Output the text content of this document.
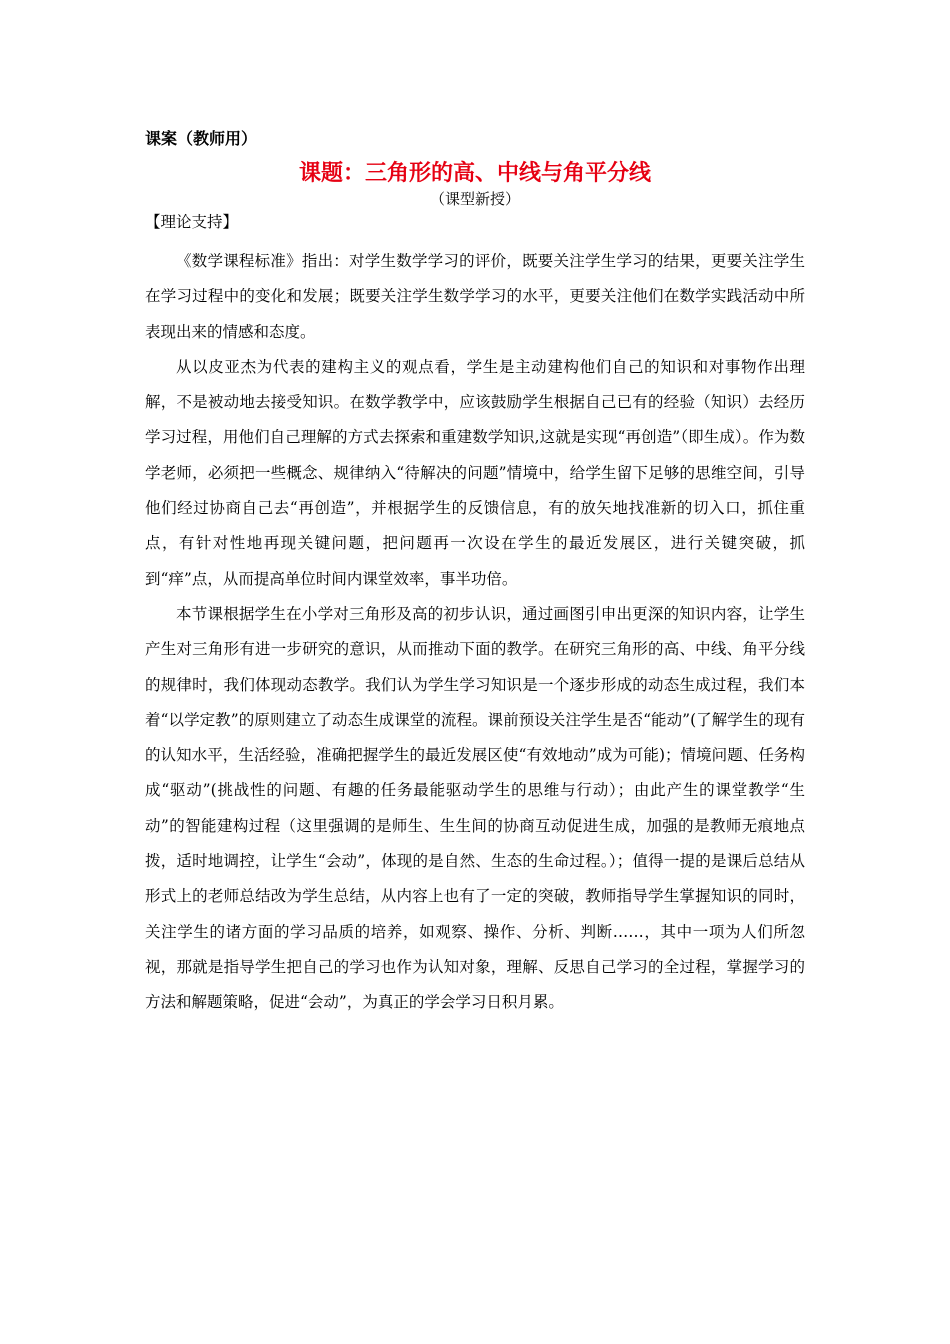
课案（教师用）
课题：三角形的高、中线与角平分线
（课型新授）
【理论支持】

《数学课程标准》指出：对学生数学学习的评价，既要关注学生学习的结果，更要关注学生在学习过程中的变化和发展；既要关注学生数学学习的水平，更要关注他们在数学实践活动中所表现出来的情感和态度。

从以皮亚杰为代表的建构主义的观点看，学生是主动建构他们自己的知识和对事物作出理解，不是被动地去接受知识。在数学教学中，应该鼓励学生根据自己已有的经验（知识）去经历学习过程，用他们自己理解的方式去探索和重建数学知识,这就是实现“再创造”（即生成）。作为数学老师，必须把一些概念、规律纳入“待解决的问题”情境中，给学生留下足够的思维空间，引导他们经过协商自己去“再创造”，并根据学生的反馈信息，有的放矢地找准新的切入口，抓住重点，有针对性地再现关键问题，把问题再一次设在学生的最近发展区，进行关键突破，抓到“痒”点，从而提高单位时间内课堂效率，事半功倍。

本节课根据学生在小学对三角形及高的初步认识，通过画图引申出更深的知识内容，让学生产生对三角形有进一步研究的意识，从而推动下面的教学。在研究三角形的高、中线、角平分线的规律时，我们体现动态教学。我们认为学生学习知识是一个逐步形成的动态生成过程，我们本着“以学定教”的原则建立了动态生成课堂的流程。课前预设关注学生是否“能动”(了解学生的现有的认知水平，生活经验，准确把握学生的最近发展区使“有效地动”成为可能)；情境问题、任务构成“驱动”(挑战性的问题、有趣的任务最能驱动学生的思维与行动）；由此产生的课堂教学“生动”的智能建构过程（这里强调的是师生、生生间的协商互动促进生成，加强的是教师无痕地点拨，适时地调控，让学生“会动”，体现的是自然、生态的生命过程。）；值得一提的是课后总结从形式上的老师总结改为学生总结，从内容上也有了一定的突破，教师指导学生掌握知识的同时，关注学生的诸方面的学习品质的培养，如观察、操作、分析、判断……，其中一项为人们所忽视，那就是指导学生把自己的学习也作为认知对象，理解、反思自己学习的全过程，掌握学习的方法和解题策略，促进“会动”，为真正的学会学习日积月累。
